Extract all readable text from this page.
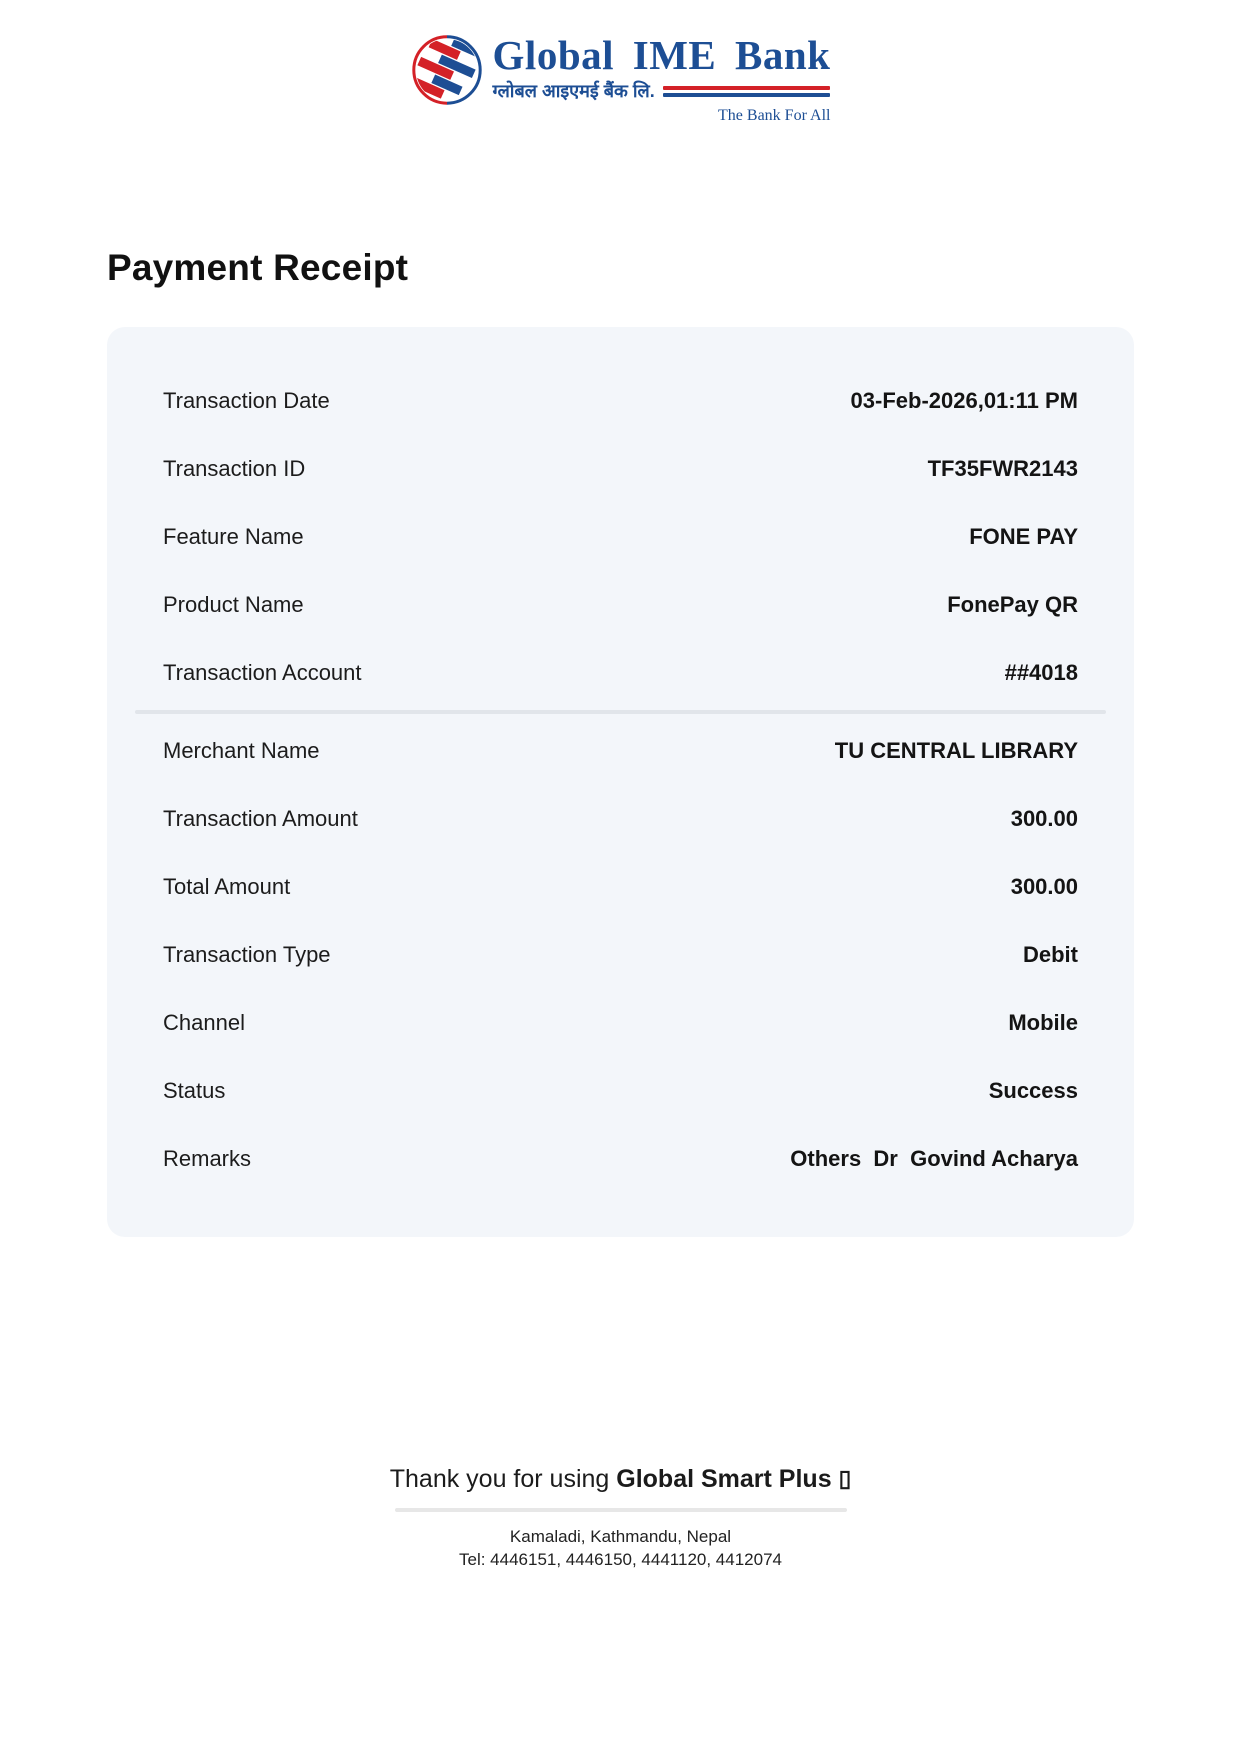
Global IME Bank
ग्लोबल आइएमई बैंक लि.
The Bank For All
Payment Receipt
Transaction Date	03-Feb-2026,01:11 PM
Transaction ID	TF35FWR2143
Feature Name	FONE PAY
Product Name	FonePay QR
Transaction Account	##4018
Merchant Name	TU CENTRAL LIBRARY
Transaction Amount	300.00
Total Amount	300.00
Transaction Type	Debit
Channel	Mobile
Status	Success
Remarks	Others  Dr  Govind Acharya
Thank you for using Global Smart Plus ▯
Kamaladi, Kathmandu, Nepal
Tel: 4446151, 4446150, 4441120, 4412074
